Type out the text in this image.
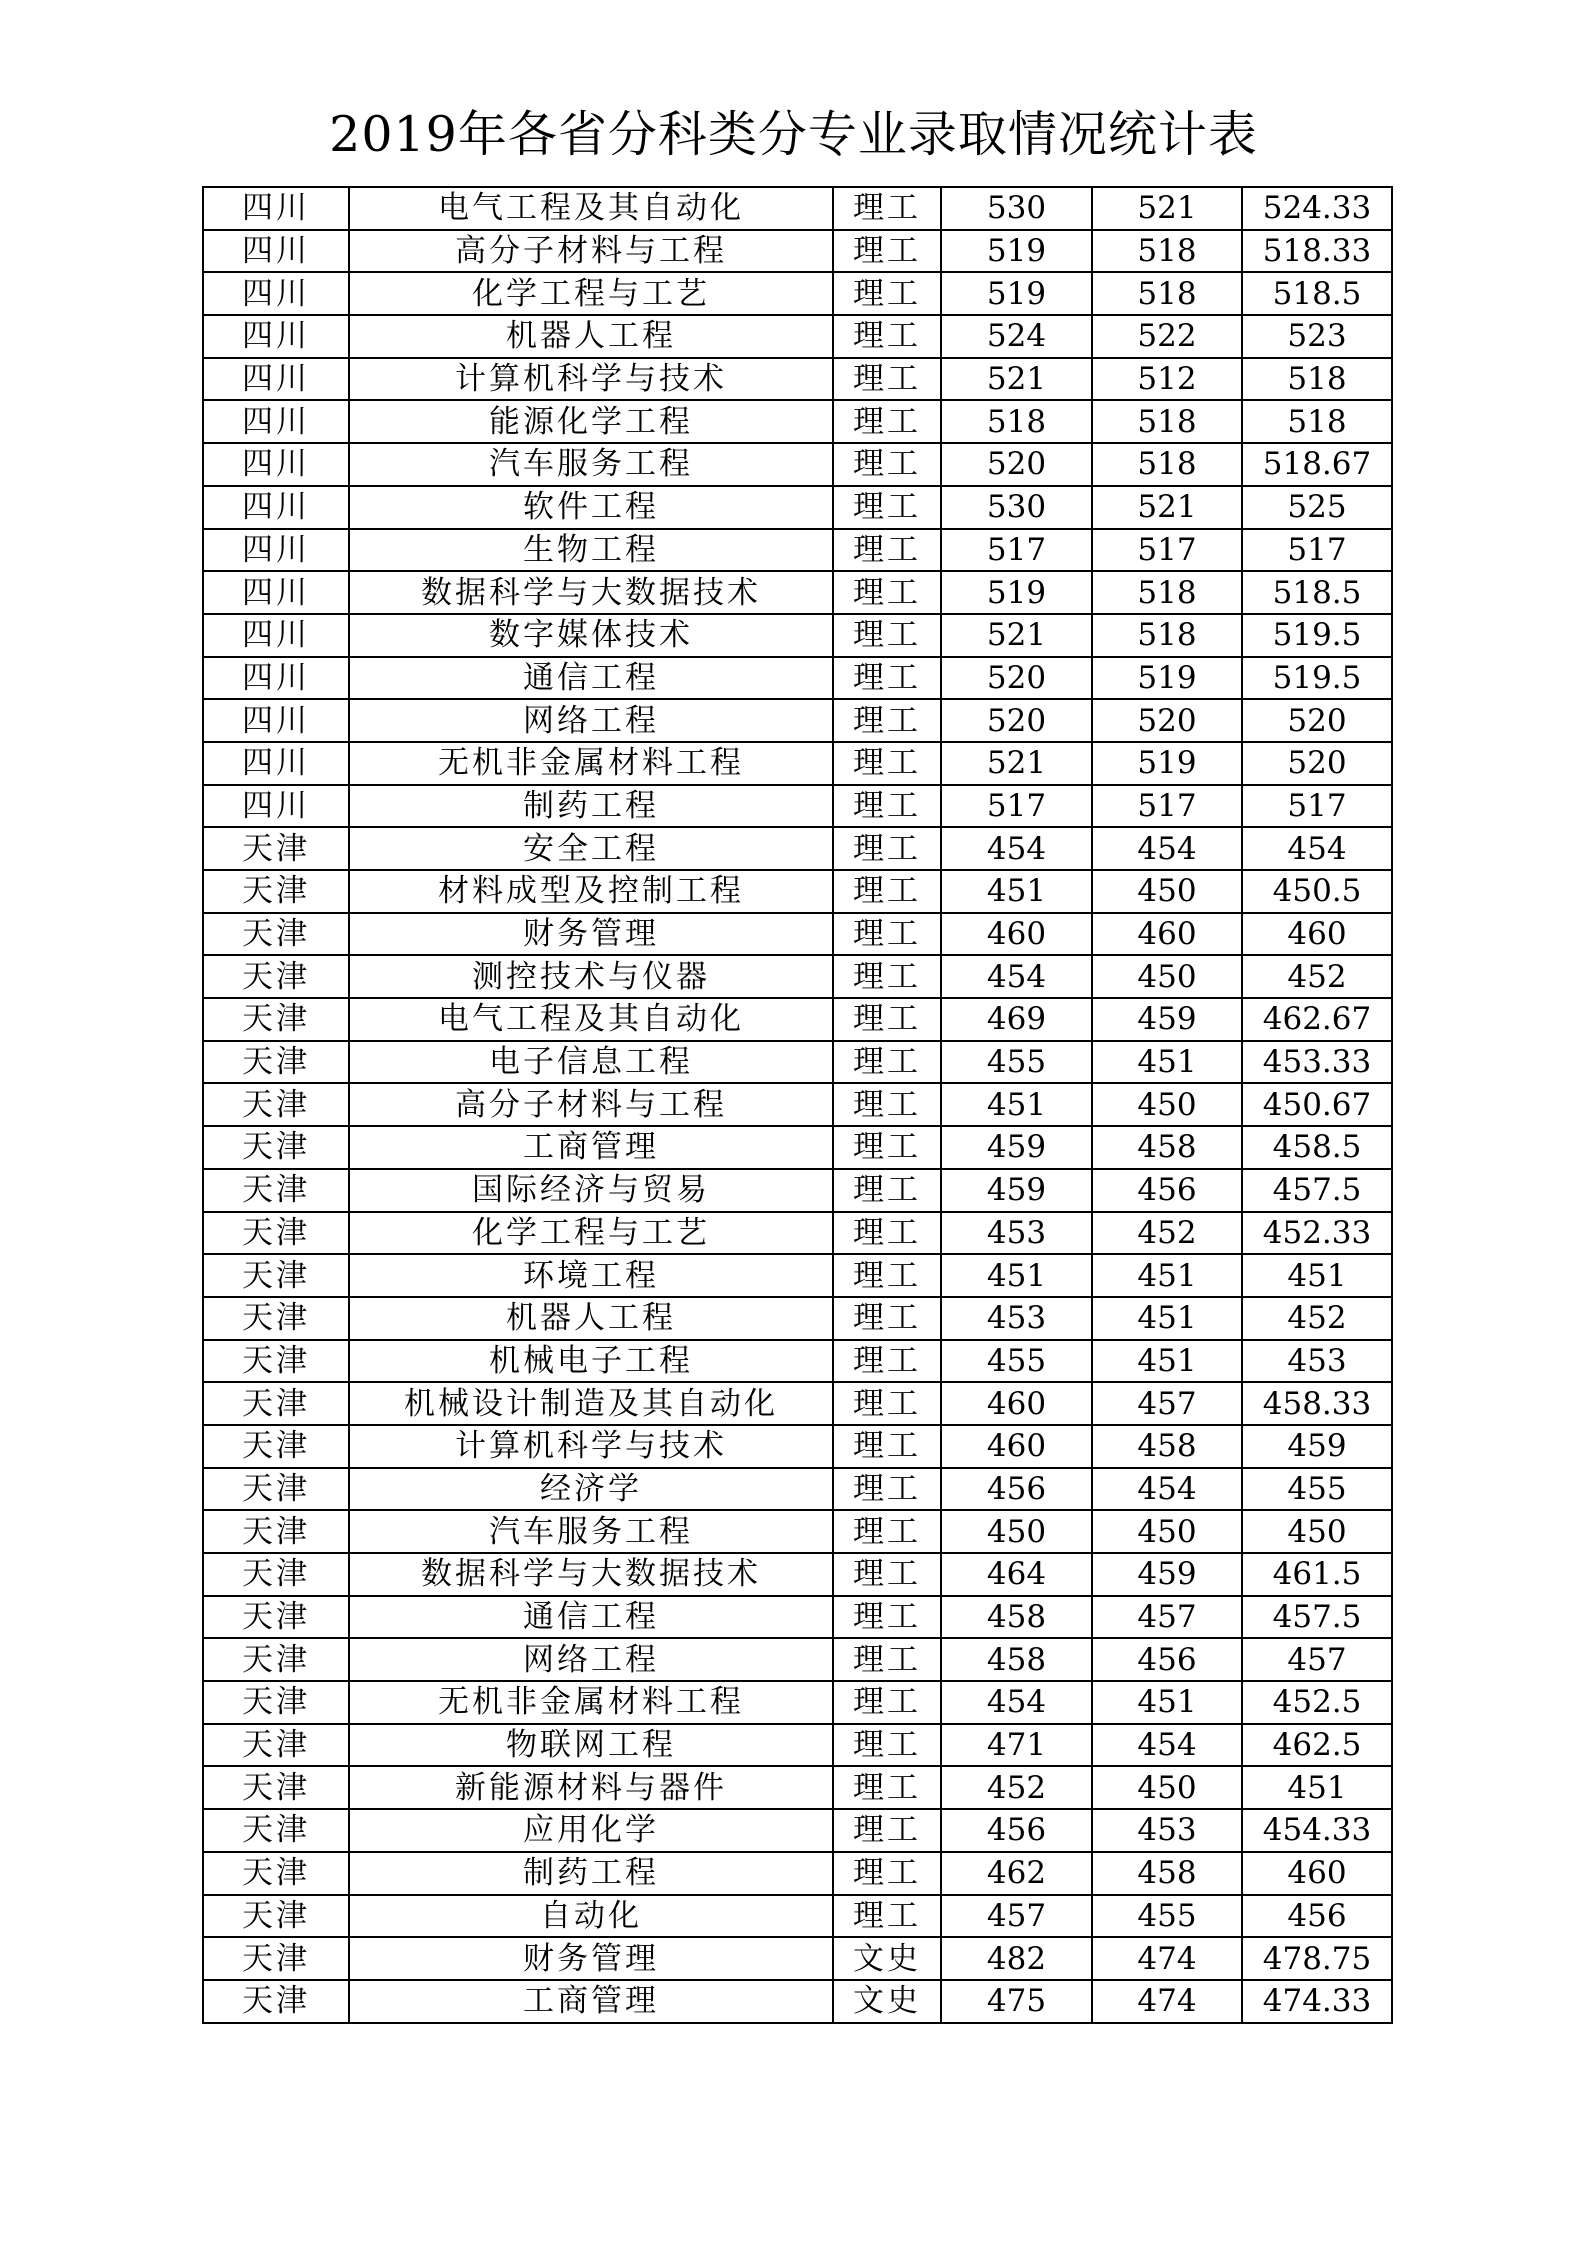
2019年各省分科类分专业录取情况统计表
四川	电气工程及其自动化	理工	530	521	524.33
四川	高分子材料与工程	理工	519	518	518.33
四川	化学工程与工艺	理工	519	518	518.5
四川	机器人工程	理工	524	522	523
四川	计算机科学与技术	理工	521	512	518
四川	能源化学工程	理工	518	518	518
四川	汽车服务工程	理工	520	518	518.67
四川	软件工程	理工	530	521	525
四川	生物工程	理工	517	517	517
四川	数据科学与大数据技术	理工	519	518	518.5
四川	数字媒体技术	理工	521	518	519.5
四川	通信工程	理工	520	519	519.5
四川	网络工程	理工	520	520	520
四川	无机非金属材料工程	理工	521	519	520
四川	制药工程	理工	517	517	517
天津	安全工程	理工	454	454	454
天津	材料成型及控制工程	理工	451	450	450.5
天津	财务管理	理工	460	460	460
天津	测控技术与仪器	理工	454	450	452
天津	电气工程及其自动化	理工	469	459	462.67
天津	电子信息工程	理工	455	451	453.33
天津	高分子材料与工程	理工	451	450	450.67
天津	工商管理	理工	459	458	458.5
天津	国际经济与贸易	理工	459	456	457.5
天津	化学工程与工艺	理工	453	452	452.33
天津	环境工程	理工	451	451	451
天津	机器人工程	理工	453	451	452
天津	机械电子工程	理工	455	451	453
天津	机械设计制造及其自动化	理工	460	457	458.33
天津	计算机科学与技术	理工	460	458	459
天津	经济学	理工	456	454	455
天津	汽车服务工程	理工	450	450	450
天津	数据科学与大数据技术	理工	464	459	461.5
天津	通信工程	理工	458	457	457.5
天津	网络工程	理工	458	456	457
天津	无机非金属材料工程	理工	454	451	452.5
天津	物联网工程	理工	471	454	462.5
天津	新能源材料与器件	理工	452	450	451
天津	应用化学	理工	456	453	454.33
天津	制药工程	理工	462	458	460
天津	自动化	理工	457	455	456
天津	财务管理	文史	482	474	478.75
天津	工商管理	文史	475	474	474.33
